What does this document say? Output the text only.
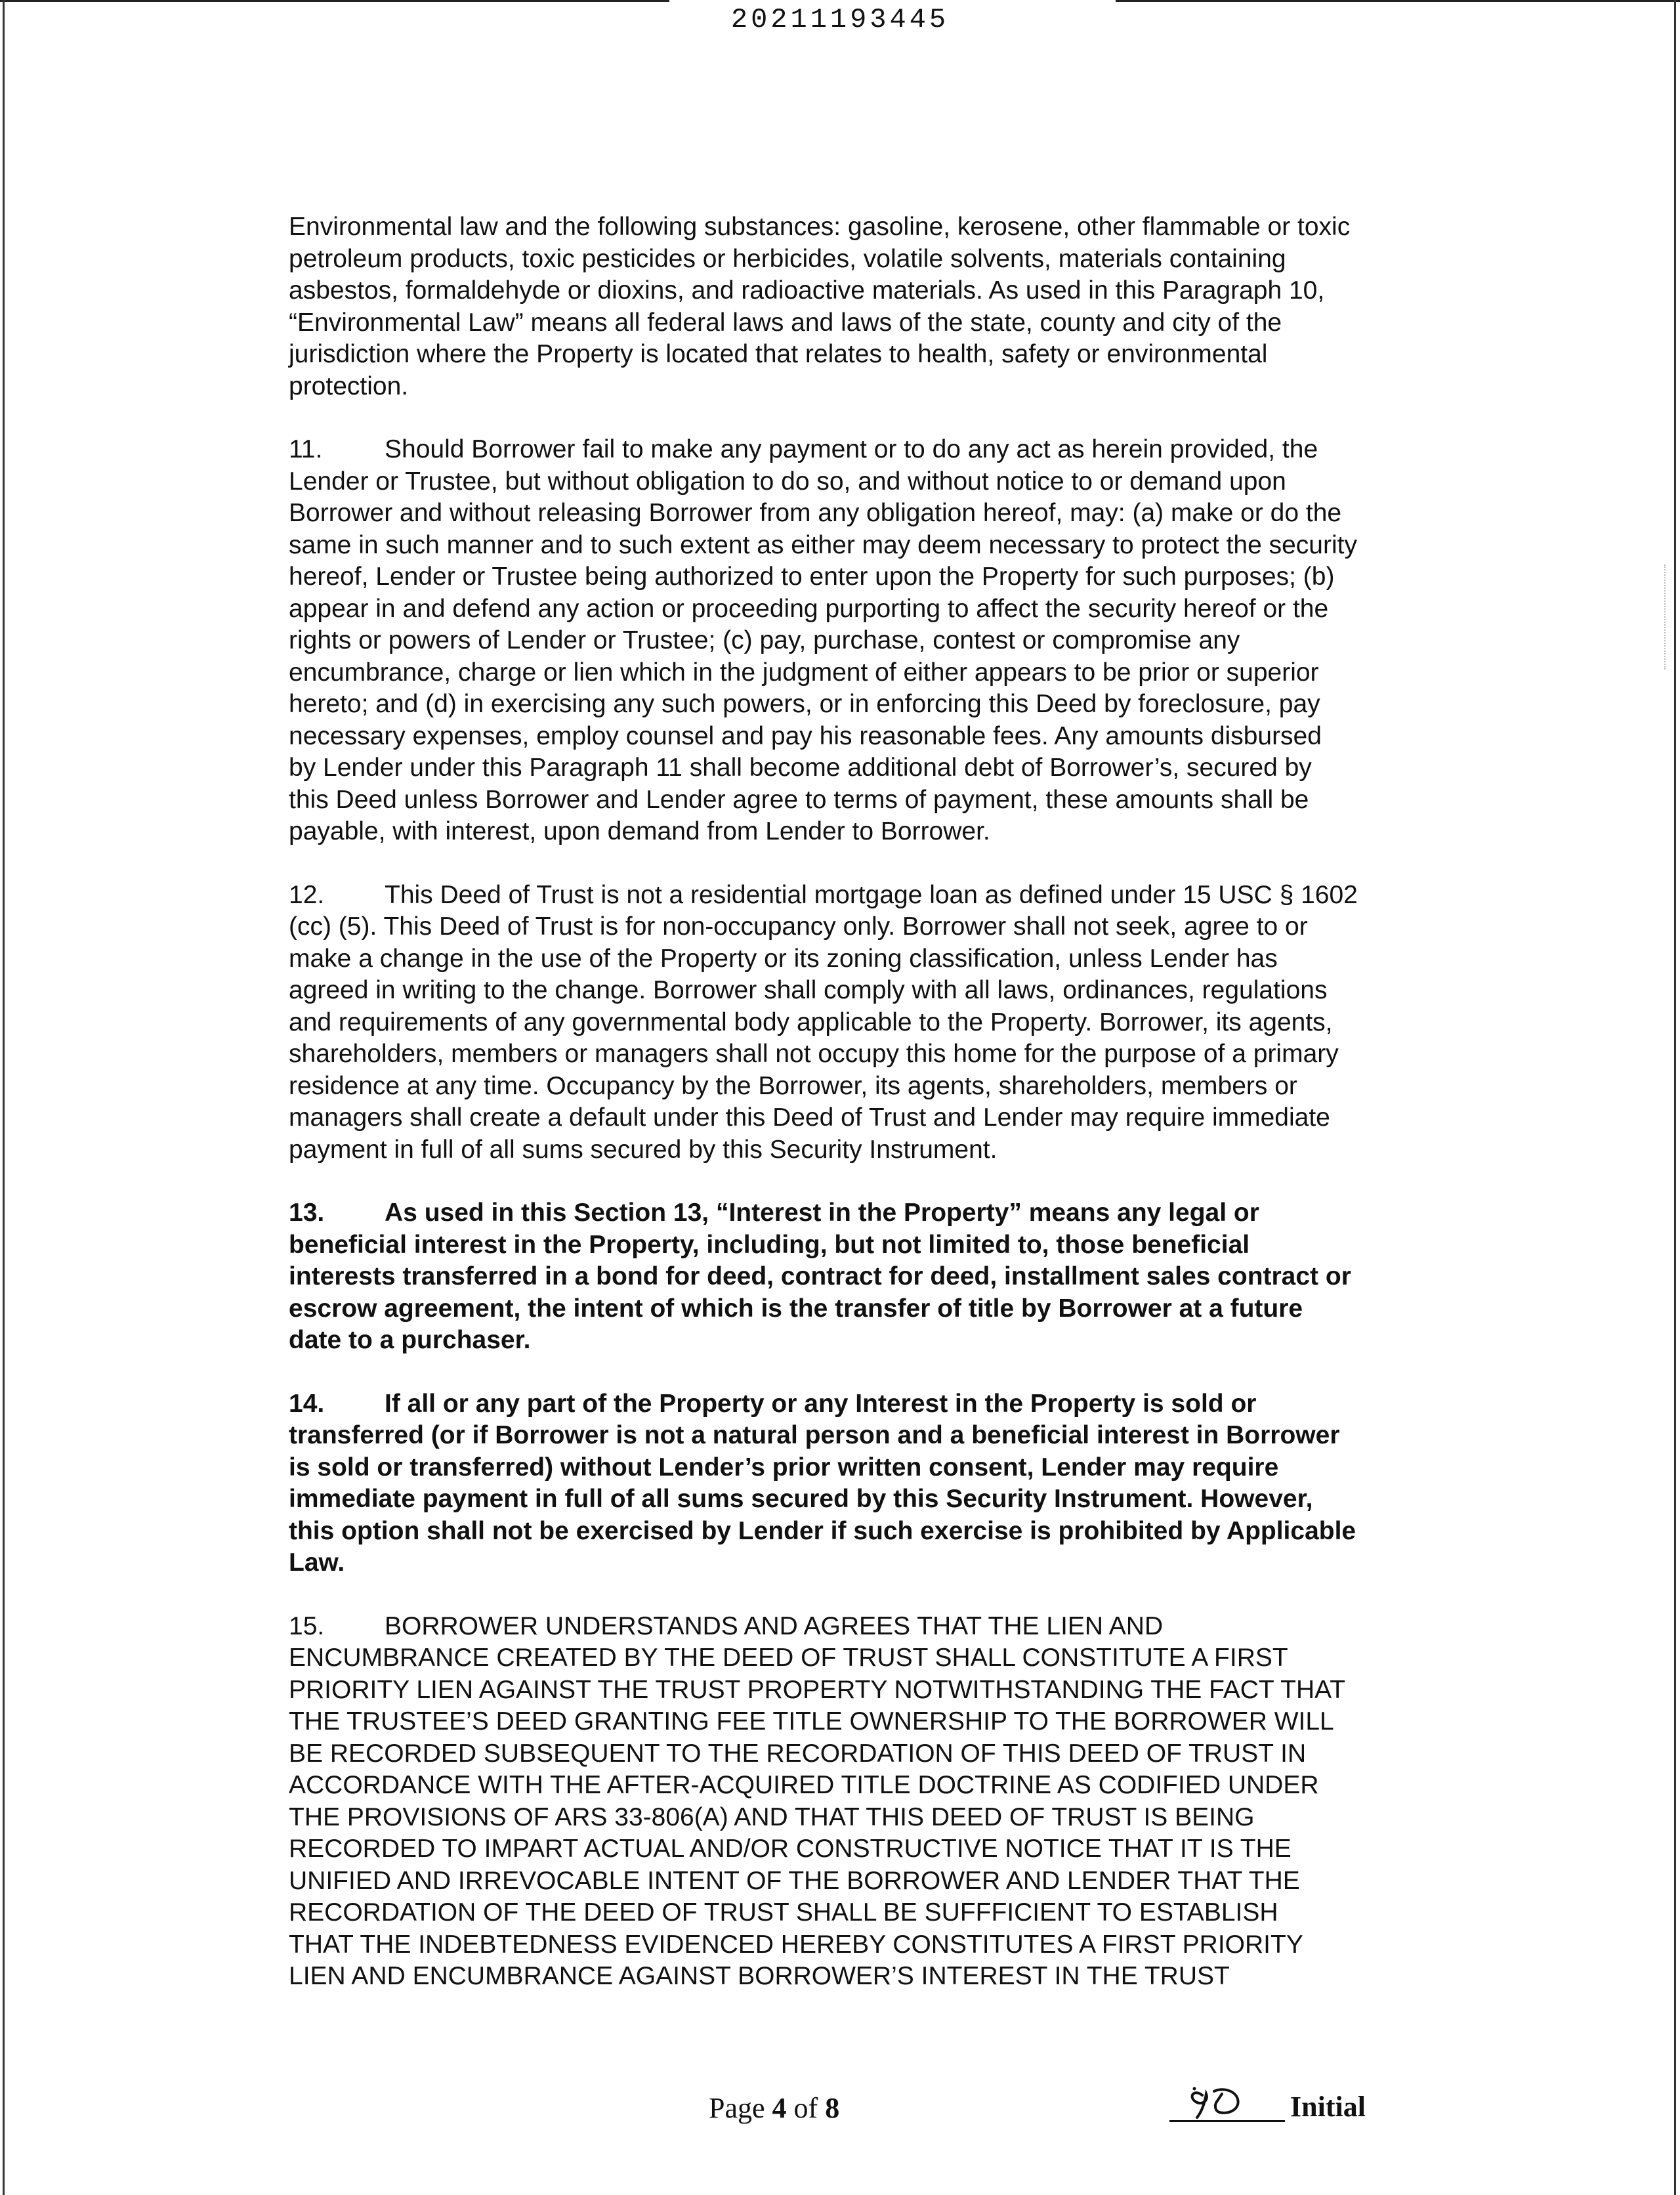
20211193445

Environmental law and the following substances: gasoline, kerosene, other flammable or toxic
petroleum products, toxic pesticides or herbicides, volatile solvents, materials containing
asbestos, formaldehyde or dioxins, and radioactive materials. As used in this Paragraph 10,
“Environmental Law” means all federal laws and laws of the state, county and city of the
jurisdiction where the Property is located that relates to health, safety or environmental
protection.

11. Should Borrower fail to make any payment or to do any act as herein provided, the
Lender or Trustee, but without obligation to do so, and without notice to or demand upon
Borrower and without releasing Borrower from any obligation hereof, may: (a) make or do the
same in such manner and to such extent as either may deem necessary to protect the security
hereof, Lender or Trustee being authorized to enter upon the Property for such purposes; (b)
appear in and defend any action or proceeding purporting to affect the security hereof or the
rights or powers of Lender or Trustee; (c) pay, purchase, contest or compromise any
encumbrance, charge or lien which in the judgment of either appears to be prior or superior
hereto; and (d) in exercising any such powers, or in enforcing this Deed by foreclosure, pay
necessary expenses, employ counsel and pay his reasonable fees. Any amounts disbursed
by Lender under this Paragraph 11 shall become additional debt of Borrower’s, secured by
this Deed unless Borrower and Lender agree to terms of payment, these amounts shall be
payable, with interest, upon demand from Lender to Borrower.

12. This Deed of Trust is not a residential mortgage loan as defined under 15 USC § 1602
(cc) (5). This Deed of Trust is for non-occupancy only. Borrower shall not seek, agree to or
make a change in the use of the Property or its zoning classification, unless Lender has
agreed in writing to the change. Borrower shall comply with all laws, ordinances, regulations
and requirements of any governmental body applicable to the Property. Borrower, its agents,
shareholders, members or managers shall not occupy this home for the purpose of a primary
residence at any time. Occupancy by the Borrower, its agents, shareholders, members or
managers shall create a default under this Deed of Trust and Lender may require immediate
payment in full of all sums secured by this Security Instrument.

13. As used in this Section 13, “Interest in the Property” means any legal or
beneficial interest in the Property, including, but not limited to, those beneficial
interests transferred in a bond for deed, contract for deed, installment sales contract or
escrow agreement, the intent of which is the transfer of title by Borrower at a future
date to a purchaser.

14. If all or any part of the Property or any Interest in the Property is sold or
transferred (or if Borrower is not a natural person and a beneficial interest in Borrower
is sold or transferred) without Lender’s prior written consent, Lender may require
immediate payment in full of all sums secured by this Security Instrument. However,
this option shall not be exercised by Lender if such exercise is prohibited by Applicable
Law.

15. BORROWER UNDERSTANDS AND AGREES THAT THE LIEN AND
ENCUMBRANCE CREATED BY THE DEED OF TRUST SHALL CONSTITUTE A FIRST
PRIORITY LIEN AGAINST THE TRUST PROPERTY NOTWITHSTANDING THE FACT THAT
THE TRUSTEE’S DEED GRANTING FEE TITLE OWNERSHIP TO THE BORROWER WILL
BE RECORDED SUBSEQUENT TO THE RECORDATION OF THIS DEED OF TRUST IN
ACCORDANCE WITH THE AFTER-ACQUIRED TITLE DOCTRINE AS CODIFIED UNDER
THE PROVISIONS OF ARS 33-806(A) AND THAT THIS DEED OF TRUST IS BEING
RECORDED TO IMPART ACTUAL AND/OR CONSTRUCTIVE NOTICE THAT IT IS THE
UNIFIED AND IRREVOCABLE INTENT OF THE BORROWER AND LENDER THAT THE
RECORDATION OF THE DEED OF TRUST SHALL BE SUFFFICIENT TO ESTABLISH
THAT THE INDEBTEDNESS EVIDENCED HEREBY CONSTITUTES A FIRST PRIORITY
LIEN AND ENCUMBRANCE AGAINST BORROWER’S INTEREST IN THE TRUST

Page 4 of 8	Initial
